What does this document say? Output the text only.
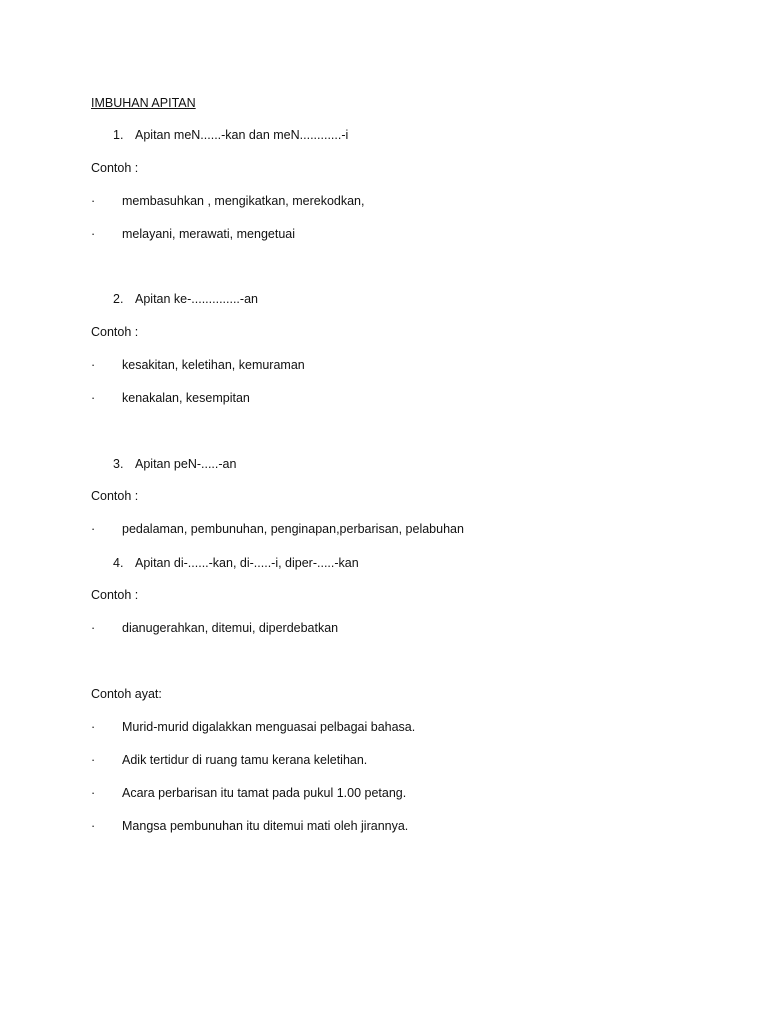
IMBUHAN APITAN
1. Apitan meN......-kan dan meN............-i
Contoh :
· membasuhkan , mengikatkan, merekodkan,
· melayani, merawati, mengetuai
2. Apitan ke-..............-an
Contoh :
· kesakitan, keletihan, kemuraman
· kenakalan, kesempitan
3. Apitan peN-.....-an
Contoh :
· pedalaman, pembunuhan, penginapan,perbarisan, pelabuhan
4. Apitan di-......-kan, di-.....-i, diper-.....-kan
Contoh :
· dianugerahkan, ditemui, diperdebatkan
Contoh ayat:
· Murid-murid digalakkan menguasai pelbagai bahasa.
· Adik tertidur di ruang tamu kerana keletihan.
· Acara perbarisan itu tamat pada pukul 1.00 petang.
· Mangsa pembunuhan itu ditemui mati oleh jirannya.
